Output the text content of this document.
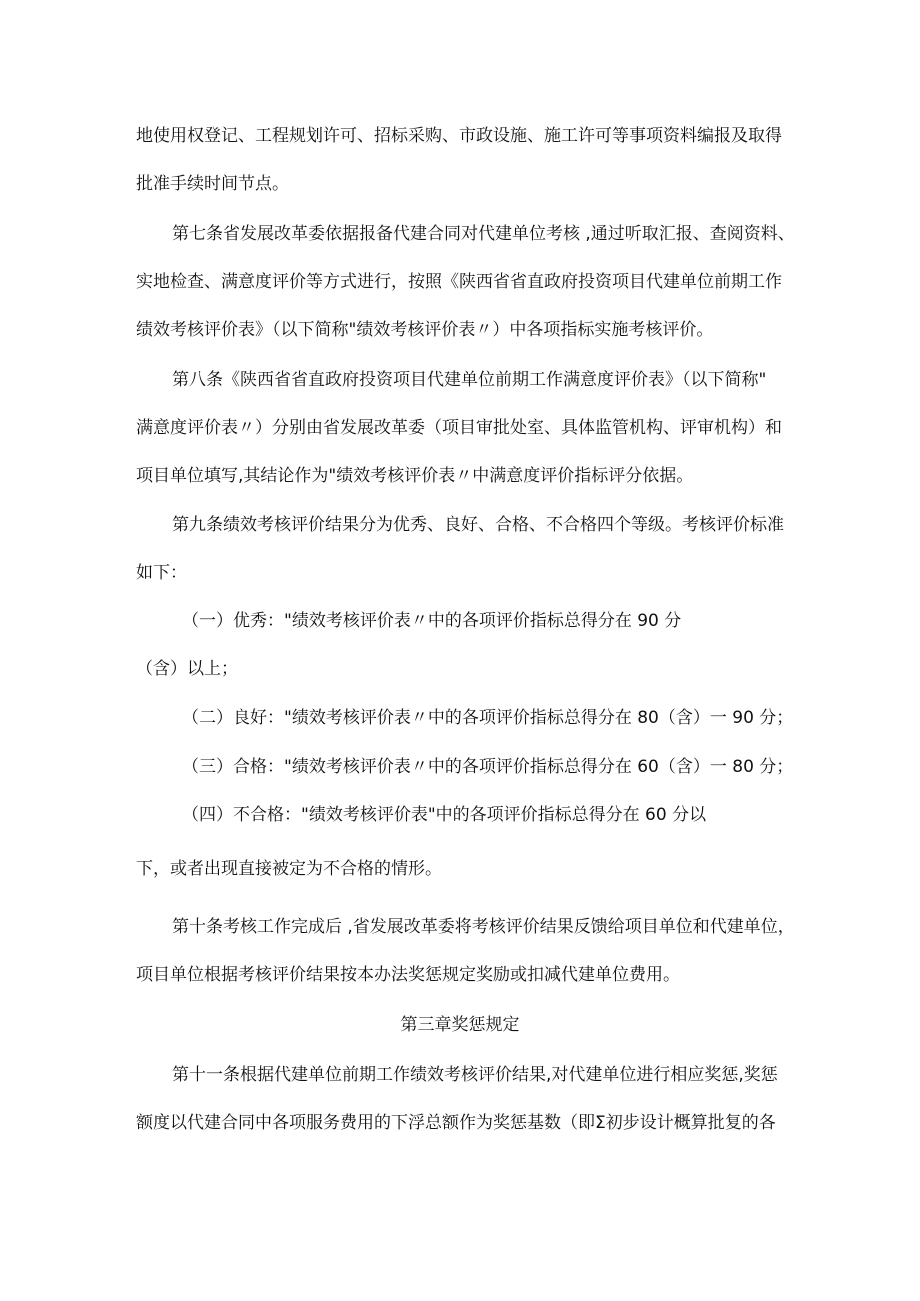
地使用权登记、工程规划许可、招标采购、市政设施、施工许可等事项资料编报及取得
批准手续时间节点。
第七条省发展改革委依据报备代建合同对代建单位考核 ,通过听取汇报、查阅资料、
实地检查、满意度评价等方式进行，按照《陕西省省直政府投资项目代建单位前期工作
绩效考核评价表》（以下简称"绩效考核评价表〃）中各项指标实施考核评价。
第八条《陕西省省直政府投资项目代建单位前期工作满意度评价表》（以下简称"
满意度评价表〃）分别由省发展改革委（项目审批处室、具体监管机构、评审机构）和
项目单位填写,其结论作为"绩效考核评价表〃中满意度评价指标评分依据。
第九条绩效考核评价结果分为优秀、良好、合格、不合格四个等级。考核评价标准
如下：
（一）优秀："绩效考核评价表〃中的各项评价指标总得分在 90 分
（含）以上；
（二）良好："绩效考核评价表〃中的各项评价指标总得分在 80（含）一 90 分；
（三）合格："绩效考核评价表〃中的各项评价指标总得分在 60（含）一 80 分；
（四）不合格："绩效考核评价表"中的各项评价指标总得分在 60 分以
下，或者出现直接被定为不合格的情形。
第十条考核工作完成后 ,省发展改革委将考核评价结果反馈给项目单位和代建单位，
项目单位根据考核评价结果按本办法奖惩规定奖励或扣减代建单位费用。
第三章奖惩规定
第十一条根据代建单位前期工作绩效考核评价结果,对代建单位进行相应奖惩,奖惩
额度以代建合同中各项服务费用的下浮总额作为奖惩基数（即Σ初步设计概算批复的各
